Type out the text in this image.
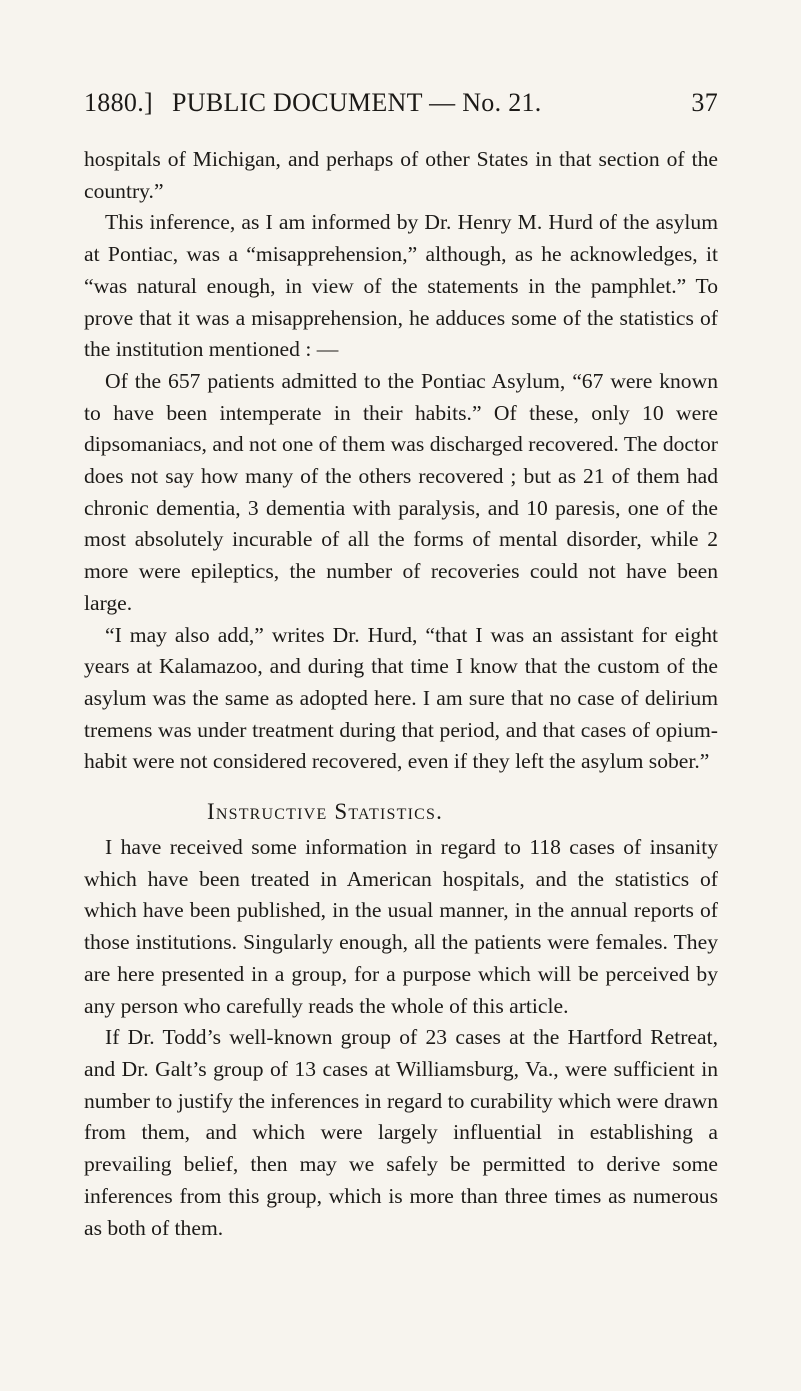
1880.] PUBLIC DOCUMENT — No. 21.	37

hospitals of Michigan, and perhaps of other States in that section of the country.”

This inference, as I am informed by Dr. Henry M. Hurd of the asylum at Pontiac, was a “misapprehension,” although, as he acknowledges, it “was natural enough, in view of the statements in the pamphlet.” To prove that it was a misapprehension, he adduces some of the statistics of the institution mentioned : —

Of the 657 patients admitted to the Pontiac Asylum, “67 were known to have been intemperate in their habits.” Of these, only 10 were dipsomaniacs, and not one of them was discharged recovered. The doctor does not say how many of the others recovered ; but as 21 of them had chronic dementia, 3 dementia with paralysis, and 10 paresis, one of the most absolutely incurable of all the forms of mental disorder, while 2 more were epileptics, the number of recoveries could not have been large.

“I may also add,” writes Dr. Hurd, “that I was an assistant for eight years at Kalamazoo, and during that time I know that the custom of the asylum was the same as adopted here. I am sure that no case of delirium tremens was under treatment during that period, and that cases of opium-habit were not considered recovered, even if they left the asylum sober.”

Instructive Statistics.

I have received some information in regard to 118 cases of insanity which have been treated in American hospitals, and the statistics of which have been published, in the usual manner, in the annual reports of those institutions. Singularly enough, all the patients were females. They are here presented in a group, for a purpose which will be perceived by any person who carefully reads the whole of this article.

If Dr. Todd’s well-known group of 23 cases at the Hartford Retreat, and Dr. Galt’s group of 13 cases at Williamsburg, Va., were sufficient in number to justify the inferences in regard to curability which were drawn from them, and which were largely influential in establishing a prevailing belief, then may we safely be permitted to derive some inferences from this group, which is more than three times as numerous as both of them.
